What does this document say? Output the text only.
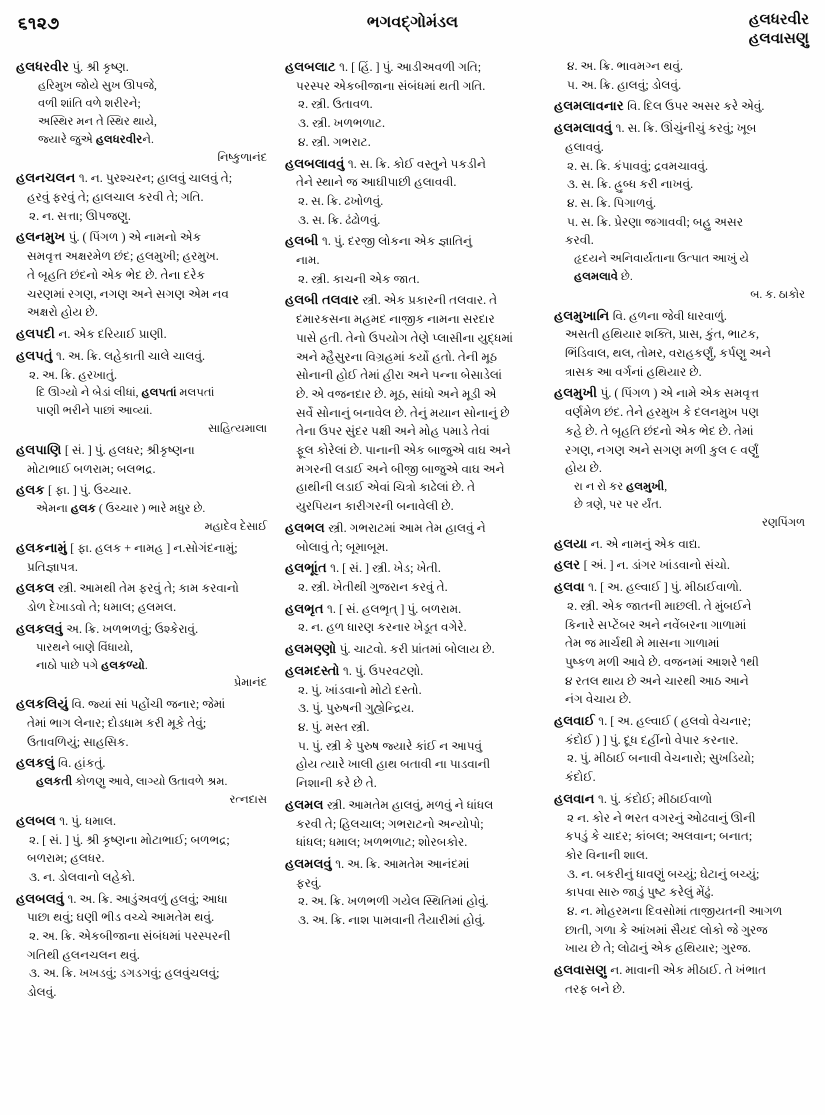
૬૧૨૭	ભગવદ્ગોમંડલ	હલધરવીર
હલવાસણુ

હલધરવીર પું. શ્રી કૃષ્ણ.

હરિમુખ જોયે સુખ ઊપજે,

વળી શાંતિ વળે શરીરને;

અસ્થિર મન તે સ્થિર થાયે,

જ્યારે જુએ હલધરવીરને.

નિષ્કુળાનંદ

હલનચલન ૧. ન. પુરશ્ચરન; હાલવું ચાલવું તે;

હરવું ફરવું તે; હાલચાલ કરવી તે; ગતિ.

૨. ન. સત્તા; ઊપજણુ.

હલનમુખ પું. ( પિંગળ ) એ નામનો એક

સમવૃત્ત અક્ષરમેળ છંદ; હલમુખી; હરમુખ.

તે બૃહતિ છંદનો એક ભેદ છે. તેના દરેક

ચરણમાં રગણ, નગણ અને સગણ એમ નવ

અક્ષરો હોય છે.

હલપદી ન. એક દરિયાઈ પ્રાણી.

હલપતું ૧. અ. ક્રિ. લહેકાતી ચાલે ચાલવું.

૨. અ. ક્રિ. હરખાતું.

દિ ઊગ્યો ને બેડાં લીધાં, હલપતાં મલપતાં

પાણી ભરીને પાછાં આવ્યાં.

સાહિત્યમાલા

હલપાણિ [ સં. ] પું. હલધર; શ્રીકૃષ્ણના

મોટાભાઈ બળરામ; બલભદ્ર.

હલક [ ફા. ] પું. ઉચ્ચાર.

એમના હલક ( ઉચ્ચાર ) ભારે મધુર છે.

મહાદેવ દેસાઈ

હલકનામું [ ફા. હલક + નામહ ] ન.સોગંદનામું;

પ્રતિજ્ઞાપત્ર.

હલકલ સ્ત્રી. આમથી તેમ ફરવું તે; કામ કરવાનો

ડોળ દેખાડવો તે; ધમાલ; હલમલ.

હલકલવું અ. ક્રિ. ખળભળવું; ઉશ્કેરાવું.

પારથને બાણે વિંધાયો,

નાઠો પાછે પગે હલકળ્યો.

પ્રેમાનંદ

હલકલિયું વિ. જ્યાં સાં પહોંચી જનાર; જેમાં

તેમાં ભાગ લેનાર; દોડધામ કરી મૂકે તેવું;

ઉતાવળિયું; સાહસિક.

હલકલું વિ. હાંકતું.

હલકતી કોળણુ આવે, લાગ્યો ઉતાવળે શ્રમ.

રત્નદાસ

હલબલ ૧. પું. ધમાલ.

૨. [ સં. ] પું. શ્રી કૃષ્ણના મોટાભાઈ; બળભદ્ર;

બળરામ; હલધર.

૩. ન. ડોલવાનો લહેકો.

હલબલવું ૧. અ. ક્રિ. આડુંઅવળું હલવું; આધા

પાછા થવું; ઘણી ભીડ વચ્ચે આમતેમ થવું.

૨. અ. ક્રિ. એકબીજાના સંબંધમાં પરસ્પરની

ગતિથી હલનચલન થવું.

૩. અ. ક્રિ. ખખડવું; ડગડગવું; હલવુંચલવું;

ડોલવું.

હલબલાટ ૧. [ હિં. ] પું. આડીઅવળી ગતિ;

પરસ્પર એકબીજાના સંબંધમાં થતી ગતિ.

૨. સ્ત્રી. ઉતાવળ.

૩. સ્ત્રી. ખળભળાટ.

૪. સ્ત્રી. ગભરાટ.

હલબલાવવું ૧. સ. ક્રિ. કોઈ વસ્તુને પકડીને

તેને સ્થાને જ આઘીપાછી હલાવવી.

૨. સ. ક્રિ. ઢખોળવું.

૩. સ. ક્રિ. ઢંઢોળવું.

હલબી ૧. પું. દરજી લોકના એક જ્ઞાતિનું

નામ.

૨. સ્ત્રી. કાચની એક જાત.

હલબી તલવાર સ્ત્રી. એક પ્રકારની તલવાર. તે

દમારકસના મહમદ નાજીક નામના સરદાર

પાસે હતી. તેનો ઉપયોગ તેણે પ્લાસીના યુદ્ધમાં

અને મ્હૈસુરના વિગ્રહમાં કર્યો હતો. તેની મૂઠ

સોનાની હોઈ તેમાં હીરા અને પન્ના બેસાડેલાં

છે. એ વજનદાર છે. મૂઠ, સાંધો અને મૂડી એ

સર્વે સોનાનું બનાવેલ છે. તેનું મયાન સોનાનું છે

તેના ઉપર સુંદર પક્ષી અને મોહ પમાડે તેવાં

ફૂલ કોરેલાં છે. પાનાની એક બાજુએ વાઘ અને

મગરની લડાઈ અને બીજી બાજુએ વાઘ અને

હાથીની લડાઈ એવાં ચિત્રો કાઢેલાં છે. તે

યુરપિયન કારીગરની બનાવેલી છે.

હલભલ સ્ત્રી. ગભરાટમાં આમ તેમ હાલવું ને

બોલાવું તે; બૂમાબૂમ.

હલભૂાંત ૧. [ સં. ] સ્ત્રી. ખેડ; ખેતી.

૨. સ્ત્રી. ખેતીથી ગુજરાન કરવું તે.

હલભૃત ૧. [ સં. હલભૃત્ ] પું. બળરામ.

૨. ન. હળ ધારણ કરનાર ખેડૂત વગેરે.

હલમણ્ણો પું. ચાટવો. કરી પ્રાંતમાં બોલાય છે.

હલમદસ્તો ૧. પું. ઉપરવટણો.

૨. પું. ખાંડવાનો મોટો દસ્તો.

૩. પું. પુરુષની ગુહ્યેન્દ્રિય.

૪. પું. મસ્ત સ્ત્રી.

૫. પું. સ્ત્રી કે પુરુષ જ્યારે કાંઈ ન આપવું

હોય ત્યારે ખાલી હાથ બતાવી ના પાડવાની

નિશાની કરે છે તે.

હલમલ સ્ત્રી. આમતેમ હાલવું, મળવું ને ધાંધલ

કરવી તે; હિલચાલ; ગભરાટનો અન્યોપો;

ધાંધલ; ધમાલ; ખળભળાટ; શોરબકોર.

હલમલવું ૧. અ. ક્રિ. આમતેમ આનંદમાં

ફરવું.

૨. અ. ક્રિ. ખળભળી ગયેલ સ્થિતિમાં હોવું.

૩. અ. ક્રિ. નાશ પામવાની તૈયારીમાં હોવું.

૪. અ. ક્રિ. ભાવમગ્ન થવું.

૫. અ. ક્રિ. હાલવું; ડોલવું.

હલમલાવનાર વિ. દિલ ઉપર અસર કરે એવું.

હલમલાવવું ૧. સ. ક્રિ. ઊંચુંનીચું કરવું; ખૂબ

હલાવવું.

૨. સ. ક્રિ. કંપાવવું; દ્રવમચાવવું.

૩. સ. ક્રિ. હ્રુબ્ધ કરી નાખવું.

૪. સ. ક્રિ. પિગાળવું.

૫. સ. ક્રિ. પ્રેરણા જગાવવી; બહુ અસર

કરવી.

હૃદયને અનિવાર્યતાના ઉત્પાત આખું યે

હલમલાવે છે.

બ. ક. ઠાકોર

હલમુખાનિ વિ. હળના જેવી ધારવાળું.

અસતી હથિયાર શક્તિ, પ્રાસ, કુંત, ભાટક,

ભિંડિવાલ, થલ, તોમર, વરાહકર્ણું, કર્પણુ અને

ત્રાસક આ વર્ગનાં હથિયાર છે.

હલમુખી પું. ( પિંગળ ) એ નામે એક સમવૃત્ત

વર્ણમેળ છંદ. તેને હરમુખ કે દલનમુખ પણ

કહે છે. તે બૃહતિ છંદનો એક ભેદ છે. તેમાં

રગણ, નગણ અને સગણ મળી કુલ ૯ વર્ણું

હોય છે.

રા ન રો કર હલમુખી,

છે ત્રણે, પર પર ર્યંત.

રણપિંગળ

હલયા ન. એ નામનું એક વાદ્ય.

હલર [ અં. ] ન. ડાંગર ખાંડવાનો સંચો.

હલવા ૧. [ અ. હલ્વાઈ ] પું. મીઠાઈવાળો.

૨. સ્ત્રી. એક જાતની માછલી. તે મુંબઈને

કિનારે સપ્ટેંબર અને નવેંબરના ગાળામાં

તેમ જ માર્ચથી મે માસના ગાળામાં

પુષ્કળ મળી આવે છે. વજનમાં આશરે ૧થી

૪ રતલ થાય છે અને ચારથી આઠ આને

નંગ વેચાય છે.

હલવાઈ ૧. [ અ. હલ્વાઈ ( હલવો વેચનાર;

કંદોઈ ) ] પું. દૂધ દહીંનો વેપાર કરનાર.

૨. પું. મીઠાઈ બનાવી વેચનારો; સુખડિયો;

કંદોઈ.

હલવાન ૧. પું. કંદોઈ; મીઠાઈવાળો

૨ ન. કોર ને ભરત વગરનું ઓઢવાનું ઊની

કપડું કે ચાદર; કાંબલ; અલવાન; બનાત;

કોર વિનાની શાલ.

૩. ન. બકરીનું ધાવણું બચ્યું; ઘેટાનું બચ્યું;

કાપવા સારુ જાડું પુષ્ટ કરેલું મેંઢું.

૪. ન. મોહરમના દિવસોમાં તાજીયતની આગળ

છાતી, ગળા કે આંખમાં સૈયદ લોકો જે ગુરજ

ખાય છે તે; લોઢાનું એક હથિયાર; ગુરજ.

હલવાસણુ ન. માવાની એક મીઠાઈ. તે ખંભાત

તરફ બને છે.
